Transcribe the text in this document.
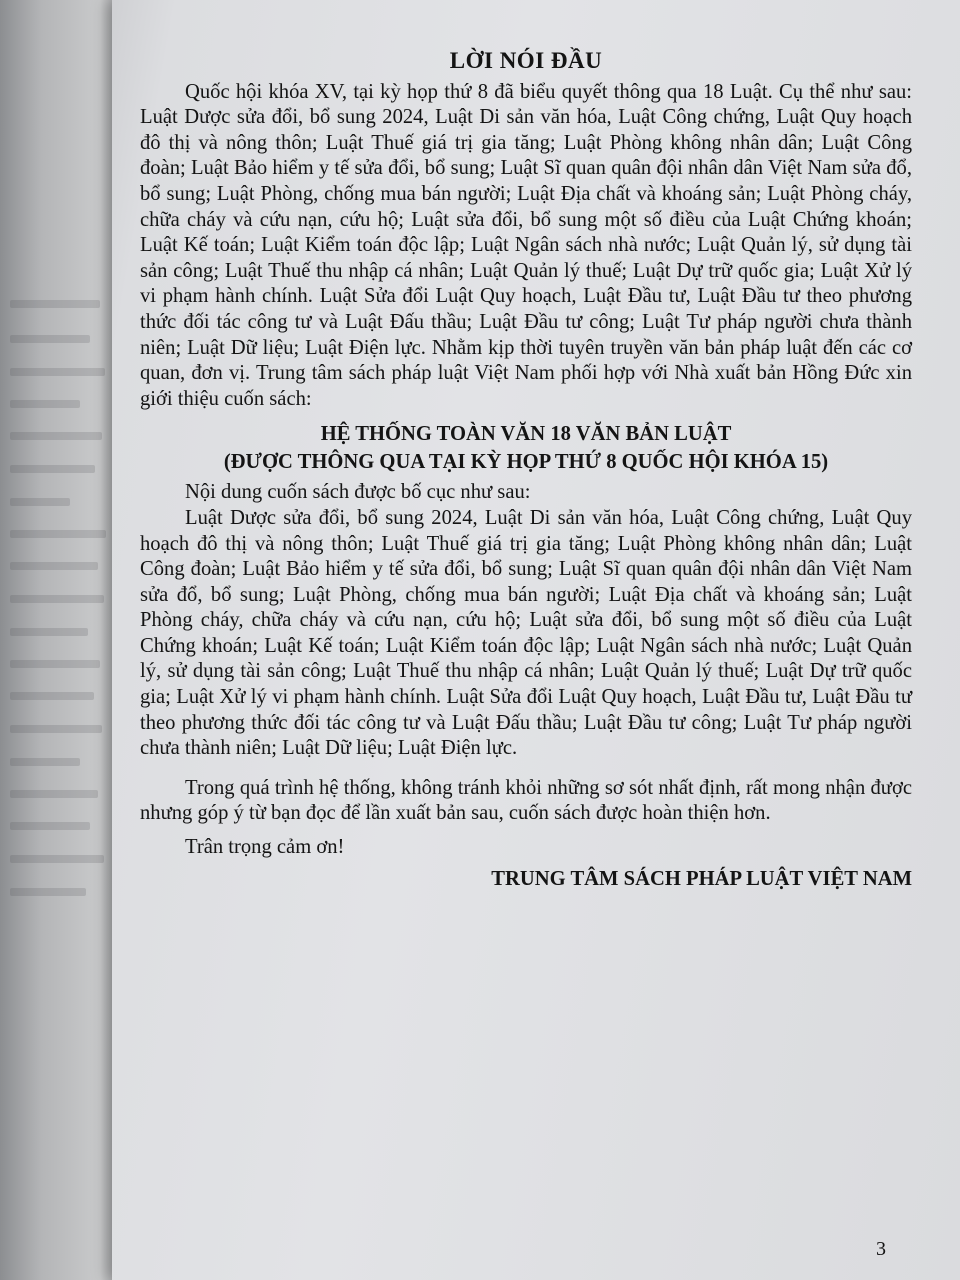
LỜI NÓI ĐẦU

Quốc hội khóa XV, tại kỳ họp thứ 8 đã biểu quyết thông qua 18 Luật. Cụ thể như sau: Luật Dược sửa đổi, bổ sung 2024, Luật Di sản văn hóa, Luật Công chứng, Luật Quy hoạch đô thị và nông thôn; Luật Thuế giá trị gia tăng; Luật Phòng không nhân dân; Luật Công đoàn; Luật Bảo hiểm y tế sửa đổi, bổ sung; Luật Sĩ quan quân đội nhân dân Việt Nam sửa đổ, bổ sung; Luật Phòng, chống mua bán người; Luật Địa chất và khoáng sản; Luật Phòng cháy, chữa cháy và cứu nạn, cứu hộ; Luật sửa đổi, bổ sung một số điều của Luật Chứng khoán; Luật Kế toán; Luật Kiểm toán độc lập; Luật Ngân sách nhà nước; Luật Quản lý, sử dụng tài sản công; Luật Thuế thu nhập cá nhân; Luật Quản lý thuế; Luật Dự trữ quốc gia; Luật Xử lý vi phạm hành chính. Luật Sửa đổi Luật Quy hoạch, Luật Đầu tư, Luật Đầu tư theo phương thức đối tác công tư và Luật Đấu thầu; Luật Đầu tư công; Luật Tư pháp người chưa thành niên; Luật Dữ liệu; Luật Điện lực. Nhằm kịp thời tuyên truyền văn bản pháp luật đến các cơ quan, đơn vị. Trung tâm sách pháp luật Việt Nam phối hợp với Nhà xuất bản Hồng Đức xin giới thiệu cuốn sách:

HỆ THỐNG TOÀN VĂN 18 VĂN BẢN LUẬT
(ĐƯỢC THÔNG QUA TẠI KỲ HỌP THỨ 8 QUỐC HỘI KHÓA 15)

Nội dung cuốn sách được bố cục như sau:

Luật Dược sửa đổi, bổ sung 2024, Luật Di sản văn hóa, Luật Công chứng, Luật Quy hoạch đô thị và nông thôn; Luật Thuế giá trị gia tăng; Luật Phòng không nhân dân; Luật Công đoàn; Luật Bảo hiểm y tế sửa đổi, bổ sung; Luật Sĩ quan quân đội nhân dân Việt Nam sửa đổ, bổ sung; Luật Phòng, chống mua bán người; Luật Địa chất và khoáng sản; Luật Phòng cháy, chữa cháy và cứu nạn, cứu hộ; Luật sửa đổi, bổ sung một số điều của Luật Chứng khoán; Luật Kế toán; Luật Kiểm toán độc lập; Luật Ngân sách nhà nước; Luật Quản lý, sử dụng tài sản công; Luật Thuế thu nhập cá nhân; Luật Quản lý thuế; Luật Dự trữ quốc gia; Luật Xử lý vi phạm hành chính. Luật Sửa đổi Luật Quy hoạch, Luật Đầu tư, Luật Đầu tư theo phương thức đối tác công tư và Luật Đấu thầu; Luật Đầu tư công; Luật Tư pháp người chưa thành niên; Luật Dữ liệu; Luật Điện lực.

Trong quá trình hệ thống, không tránh khỏi những sơ sót nhất định, rất mong nhận được nhưng góp ý từ bạn đọc để lần xuất bản sau, cuốn sách được hoàn thiện hơn.

Trân trọng cảm ơn!

TRUNG TÂM SÁCH PHÁP LUẬT VIỆT NAM
3
